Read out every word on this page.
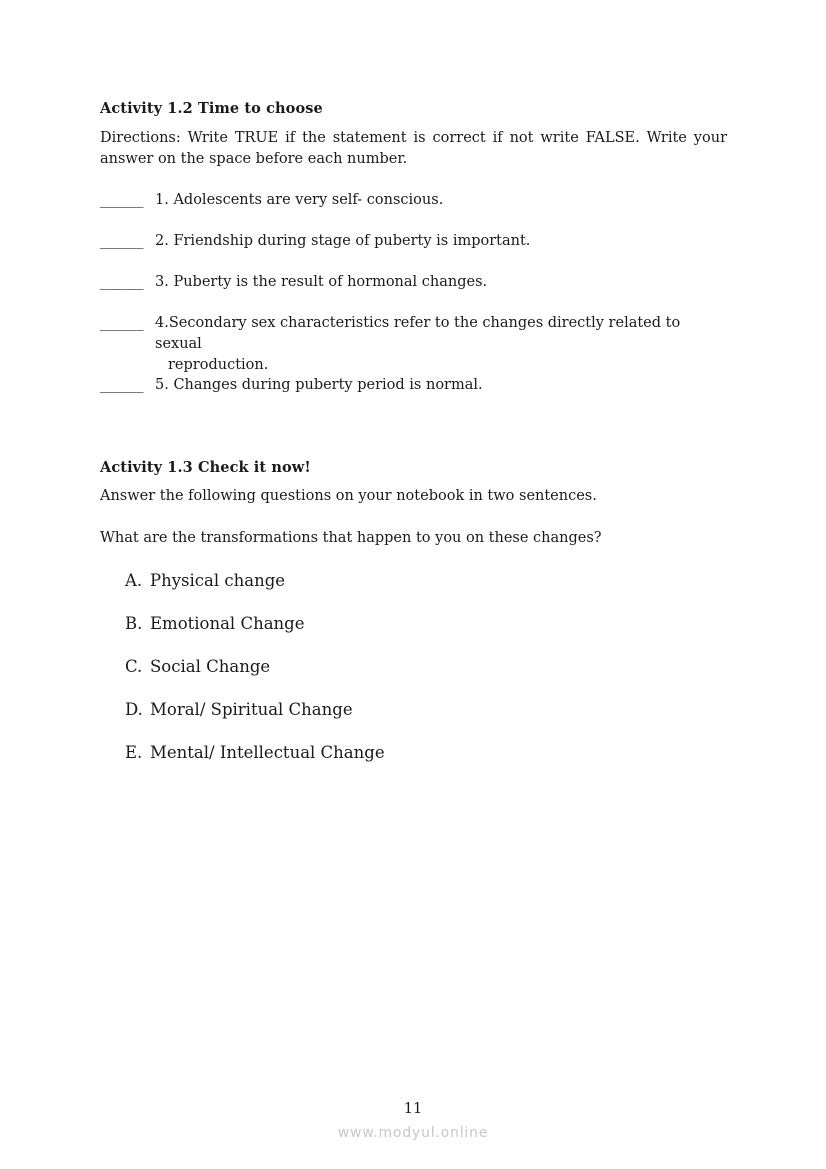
Activity 1.2 Time to choose

Directions: Write TRUE if the statement is correct if not write FALSE. Write your answer on the space before each number.

______ 1. Adolescents are very self- conscious.
______ 2. Friendship during stage of puberty is important.
______ 3. Puberty is the result of hormonal changes.
______ 4.Secondary sex characteristics refer to the changes directly related to sexual
reproduction.
______ 5. Changes during puberty period is normal.
Activity 1.3 Check it now!

Answer the following questions on your notebook in two sentences.

What are the transformations that happen to you on these changes?

A. Physical change
B. Emotional Change
C. Social Change
D. Moral/ Spiritual Change
E. Mental/ Intellectual Change
11
www.modyul.online
